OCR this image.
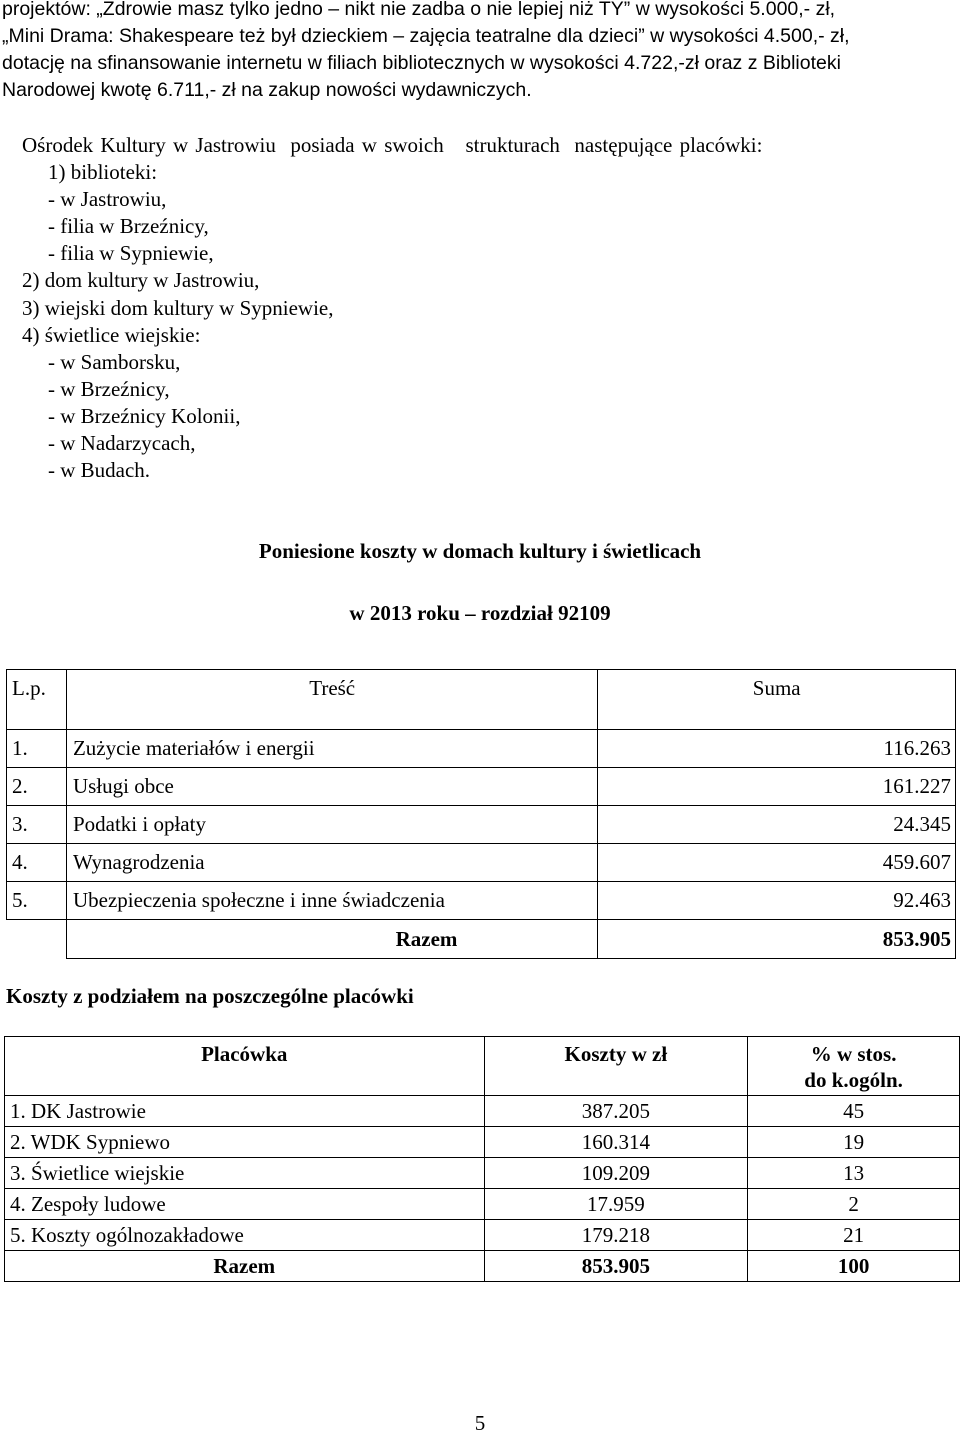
projektów: „Zdrowie masz tylko jedno – nikt nie zadba o nie lepiej niż TY” w wysokości 5.000,- zł,

„Mini Drama: Shakespeare też był dzieckiem – zajęcia teatralne dla dzieci” w wysokości 4.500,- zł,

dotację na sfinansowanie internetu w filiach bibliotecznych w wysokości 4.722,-zł oraz z Biblioteki

Narodowej kwotę 6.711,- zł na zakup nowości wydawniczych.

Ośrodek Kultury w Jastrowiu  posiada w swoich   strukturach  następujące placówki:

1) biblioteki:

- w Jastrowiu,

- filia w Brzeźnicy,

- filia w Sypniewie,

2) dom kultury w Jastrowiu,

3) wiejski dom kultury w Sypniewie,

4) świetlice wiejskie:

- w Samborsku,

- w Brzeźnicy,

- w Brzeźnicy Kolonii,

- w Nadarzycach,

- w Budach.

Poniesione koszty w domach kultury i świetlicach

w 2013 roku – rozdział 92109

L.p.	Treść	Suma
1.	Zużycie materiałów i energii	116.263
2.	Usługi obce	161.227
3.	Podatki i opłaty	24.345
4.	Wynagrodzenia	459.607
5.	Ubezpieczenia społeczne i inne świadczenia	92.463
	Razem	853.905

Koszty z podziałem na poszczególne placówki

Placówka	Koszty w zł	% w stos.
do k.ogóln.

1. DK Jastrowie	387.205	45
2. WDK Sypniewo	160.314	19
3. Świetlice wiejskie	109.209	13
4. Zespoły ludowe	17.959	2
5. Koszty ogólnozakładowe	179.218	21
Razem	853.905	100

5
